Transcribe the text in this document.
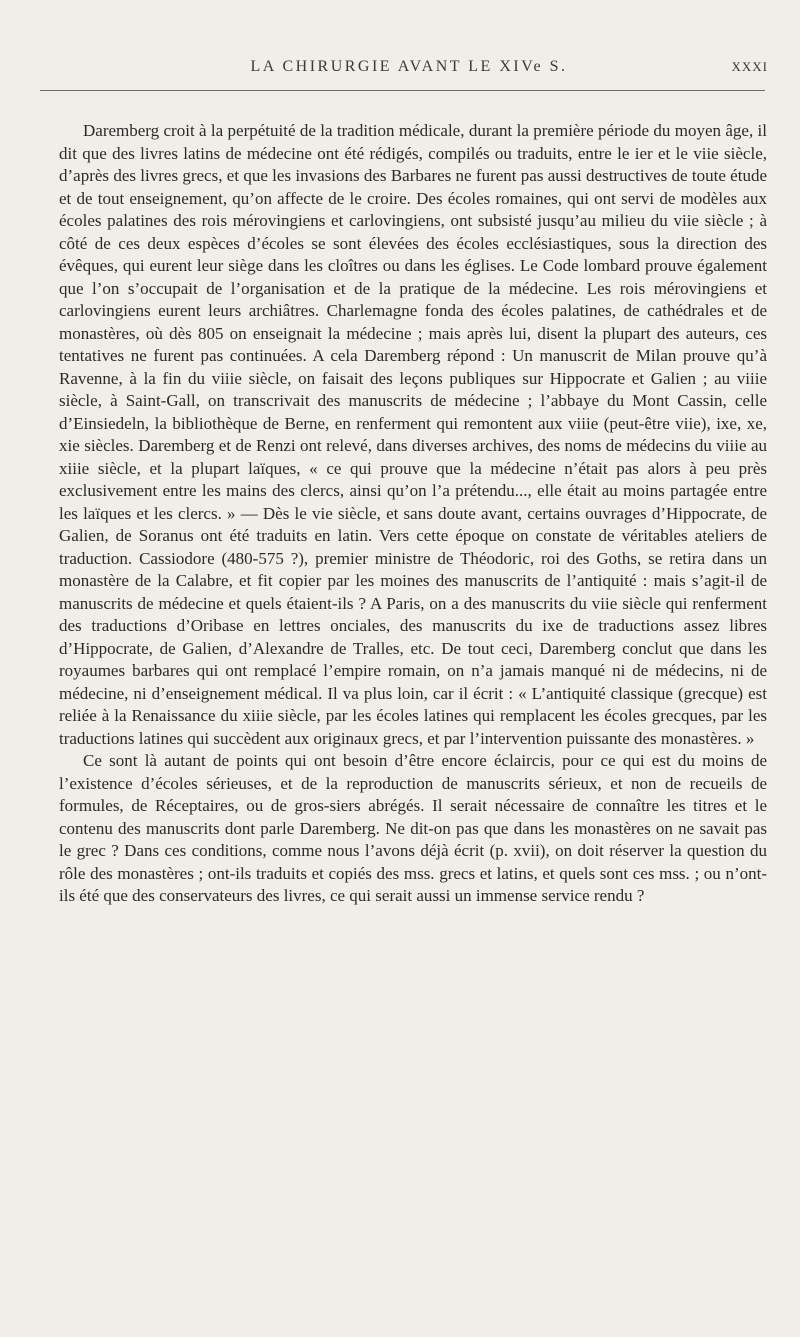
LA CHIRURGIE AVANT LE XIVe S.	XXXI

Daremberg croit à la perpétuité de la tradition médicale, durant la première période du moyen âge, il dit que des livres latins de médecine ont été rédigés, compilés ou traduits, entre le ier et le viie siècle, d’après des livres grecs, et que les invasions des Barbares ne furent pas aussi destructives de toute étude et de tout enseignement, qu’on affecte de le croire. Des écoles romaines, qui ont servi de modèles aux écoles palatines des rois mérovingiens et carlovingiens, ont subsisté jusqu’au milieu du viie siècle ; à côté de ces deux espèces d’écoles se sont élevées des écoles ecclésiastiques, sous la direction des évêques, qui eurent leur siège dans les cloîtres ou dans les églises. Le Code lombard prouve également que l’on s’occupait de l’organisation et de la pratique de la médecine. Les rois mérovingiens et carlovingiens eurent leurs archiâtres. Charlemagne fonda des écoles palatines, de cathédrales et de monastères, où dès 805 on enseignait la médecine ; mais après lui, disent la plupart des auteurs, ces tentatives ne furent pas continuées. A cela Daremberg répond : Un manuscrit de Milan prouve qu’à Ravenne, à la fin du viiie siècle, on faisait des leçons publiques sur Hippocrate et Galien ; au viiie siècle, à Saint-Gall, on transcrivait des manuscrits de médecine ; l’abbaye du Mont Cassin, celle d’Einsiedeln, la bibliothèque de Berne, en renferment qui remontent aux viiie (peut-être viie), ixe, xe, xie siècles. Daremberg et de Renzi ont relevé, dans diverses archives, des noms de médecins du viiie au xiiie siècle, et la plupart laïques, « ce qui prouve que la médecine n’était pas alors à peu près exclusivement entre les mains des clercs, ainsi qu’on l’a prétendu..., elle était au moins partagée entre les laïques et les clercs. » — Dès le vie siècle, et sans doute avant, certains ouvrages d’Hippocrate, de Galien, de Soranus ont été traduits en latin. Vers cette époque on constate de véritables ateliers de traduction. Cassiodore (480-575 ?), premier ministre de Théodoric, roi des Goths, se retira dans un monastère de la Calabre, et fit copier par les moines des manuscrits de l’antiquité : mais s’agit-il de manuscrits de médecine et quels étaient-ils ? A Paris, on a des manuscrits du viie siècle qui renferment des traductions d’Oribase en lettres onciales, des manuscrits du ixe de traductions assez libres d’Hippocrate, de Galien, d’Alexandre de Tralles, etc. De tout ceci, Daremberg conclut que dans les royaumes barbares qui ont remplacé l’empire romain, on n’a jamais manqué ni de médecins, ni de médecine, ni d’enseignement médical. Il va plus loin, car il écrit : « L’antiquité classique (grecque) est reliée à la Renaissance du xiiie siècle, par les écoles latines qui remplacent les écoles grecques, par les traductions latines qui succèdent aux originaux grecs, et par l’intervention puissante des monastères. »

Ce sont là autant de points qui ont besoin d’être encore éclaircis, pour ce qui est du moins de l’existence d’écoles sérieuses, et de la reproduction de manuscrits sérieux, et non de recueils de formules, de Réceptaires, ou de gros-siers abrégés. Il serait nécessaire de connaître les titres et le contenu des manuscrits dont parle Daremberg. Ne dit-on pas que dans les monastères on ne savait pas le grec ? Dans ces conditions, comme nous l’avons déjà écrit (p. xvii), on doit réserver la question du rôle des monastères ; ont-ils traduits et copiés des mss. grecs et latins, et quels sont ces mss. ; ou n’ont-ils été que des conservateurs des livres, ce qui serait aussi un immense service rendu ?
